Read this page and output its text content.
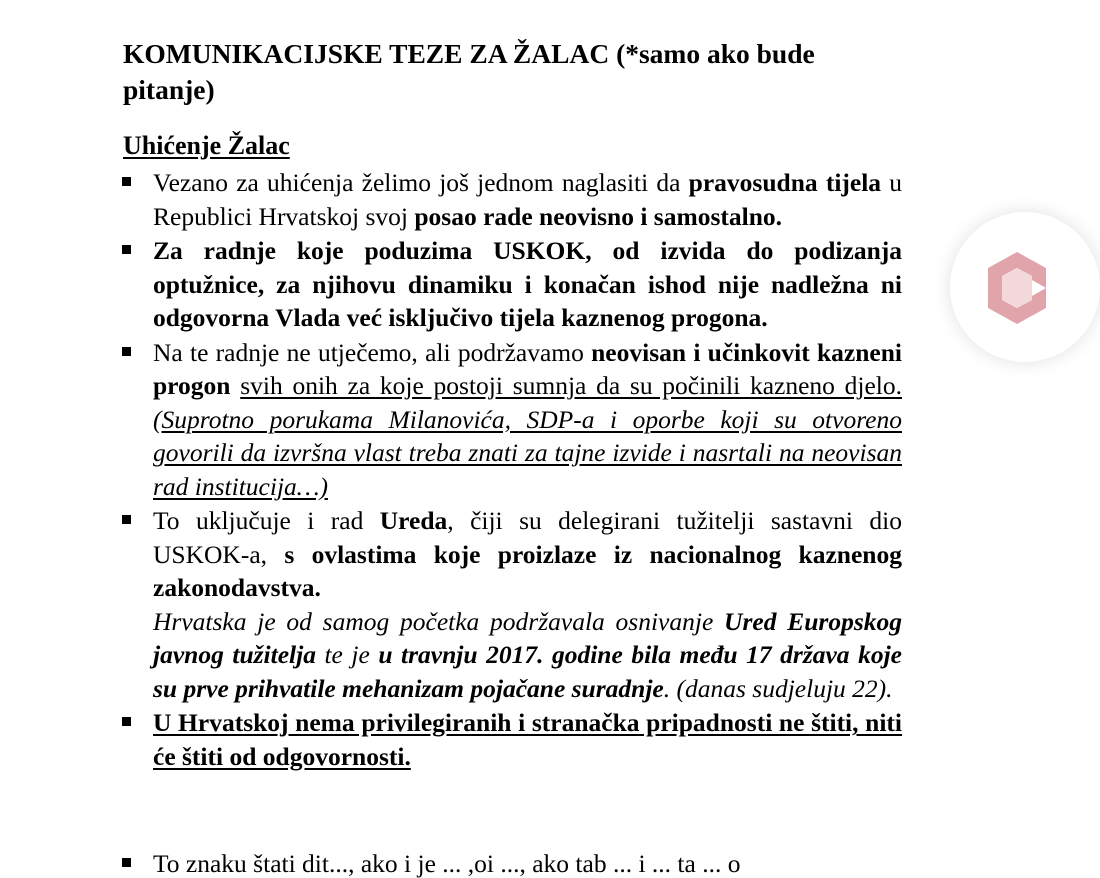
KOMUNIKACIJSKE TEZE ZA ŽALAC (*samo ako bude pitanje)
Uhićenje Žalac
Vezano za uhićenja želimo još jednom naglasiti da pravosudna tijela u Republici Hrvatskoj svoj posao rade neovisno i samostalno.
Za radnje koje poduzima USKOK, od izvida do podizanja optužnice, za njihovu dinamiku i konačan ishod nije nadležna ni odgovorna Vlada već isključivo tijela kaznenog progona.
Na te radnje ne utječemo, ali podržavamo neovisan i učinkovit kazneni progon svih onih za koje postoji sumnja da su počinili kazneno djelo. (Suprotno porukama Milanovića, SDP-a i oporbe koji su otvoreno govorili da izvršna vlast treba znati za tajne izvide i nasrtali na neovisan rad institucija…)
To uključuje i rad Ureda, čiji su delegirani tužitelji sastavni dio USKOK-a, s ovlastima koje proizlaze iz nacionalnog kaznenog zakonodavstva.
Hrvatska je od samog početka podržavala osnivanje Ured Europskog javnog tužitelja te je u travnju 2017. godine bila među 17 država koje su prve prihvatile mehanizam pojačane suradnje. (danas sudjeluju 22).
U Hrvatskoj nema privilegiranih i stranačka pripadnosti ne štiti, niti će štiti od odgovornosti.
To znaku štati dit..., ako i je ... ,oi ..., ako tab ... i ... ta ... o
